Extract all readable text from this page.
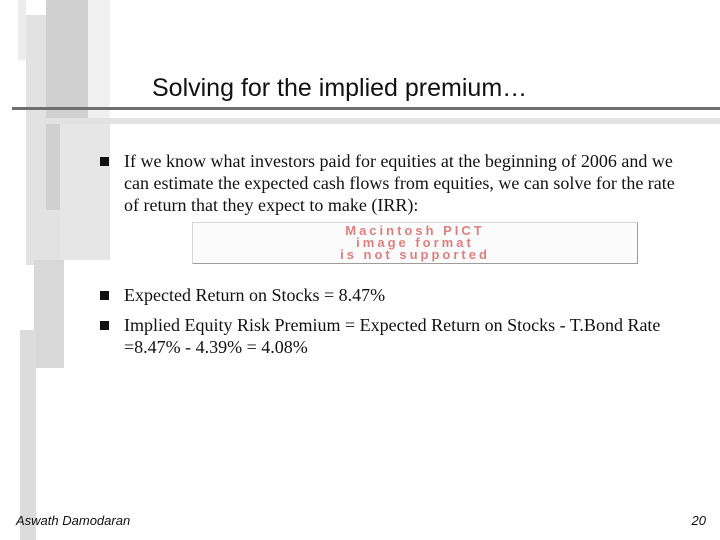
Solving for the implied premium…
If we know what investors paid for equities at the beginning of 2006 and we can estimate the expected cash flows from equities, we can solve for the rate of return that they expect to make (IRR):
Macintosh PICT
image format
is not supported
Expected Return on Stocks = 8.47%
Implied Equity Risk Premium = Expected Return on Stocks - T.Bond Rate =8.47% - 4.39% = 4.08%
Aswath Damodaran	20
